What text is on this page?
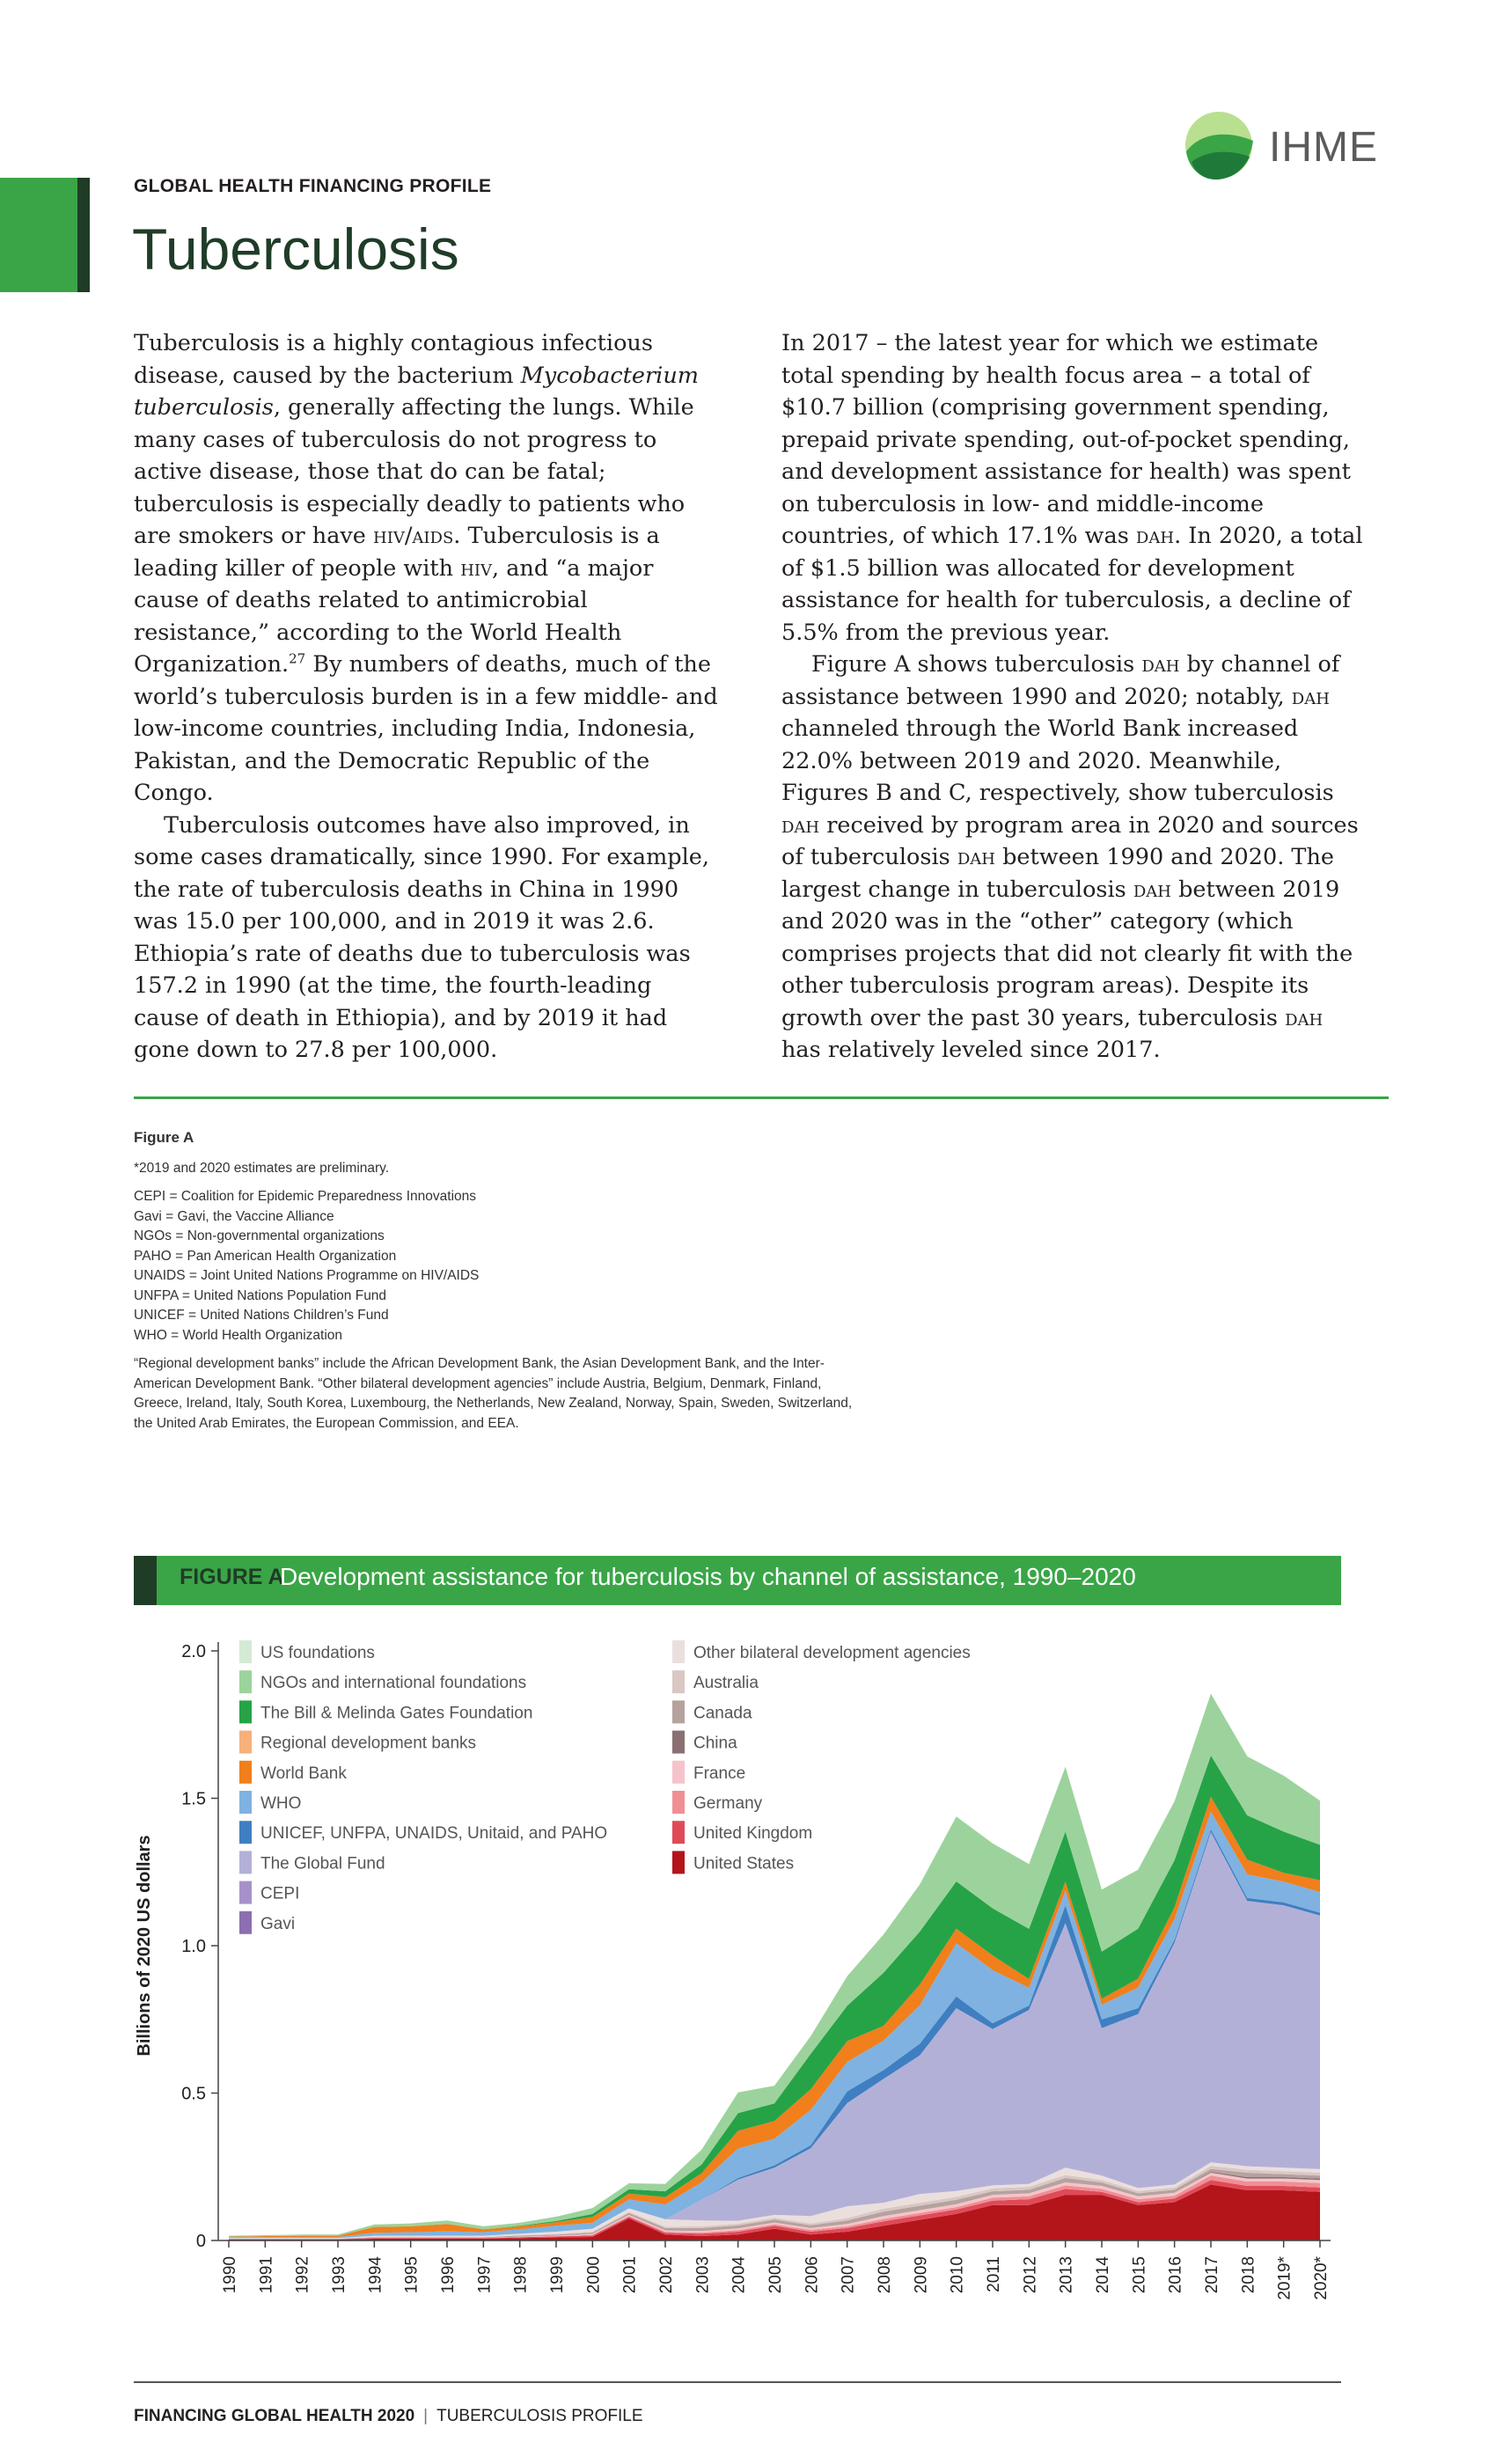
GLOBAL HEALTH FINANCING PROFILE
Tuberculosis
IHME

Tuberculosis is a highly contagious infectious disease, caused by the bacterium Mycobacterium tuberculosis, generally affecting the lungs. While many cases of tuberculosis do not progress to active disease, those that do can be fatal; tuberculosis is especially deadly to patients who are smokers or have hiv/aids. Tuberculosis is a leading killer of people with hiv, and “a major cause of deaths related to antimicrobial resistance,” according to the World Health Organization.$^{27}$ By numbers of deaths, much of the world’s tuberculosis burden is in a few middle- and low-income countries, including India, Indonesia, Pakistan, and the Democratic Republic of the Congo.

Tuberculosis outcomes have also improved, in some cases dramatically, since 1990. For example, the rate of tuberculosis deaths in China in 1990 was 15.0 per 100,000, and in 2019 it was 2.6. Ethiopia’s rate of deaths due to tuberculosis was 157.2 in 1990 (at the time, the fourth-leading cause of death in Ethiopia), and by 2019 it had gone down to 27.8 per 100,000.

In 2017 – the latest year for which we estimate total spending by health focus area – a total of $10.7 billion (comprising government spending, prepaid private spending, out-of-pocket spending, and development assistance for health) was spent on tuberculosis in low- and middle-income countries, of which 17.1% was dah. In 2020, a total of $1.5 billion was allocated for development assistance for health for tuberculosis, a decline of 5.5% from the previous year.

Figure A shows tuberculosis dah by channel of assistance between 1990 and 2020; notably, dah channeled through the World Bank increased 22.0% between 2019 and 2020. Meanwhile, Figures B and C, respectively, show tuberculosis dah received by program area in 2020 and sources of tuberculosis dah between 1990 and 2020. The largest change in tuberculosis dah between 2019 and 2020 was in the “other” category (which comprises projects that did not clearly fit with the other tuberculosis program areas). Despite its growth over the past 30 years, tuberculosis dah has relatively leveled since 2017.

Figure A
*2019 and 2020 estimates are preliminary.
CEPI = Coalition for Epidemic Preparedness Innovations
Gavi = Gavi, the Vaccine Alliance
NGOs = Non-governmental organizations
PAHO = Pan American Health Organization
UNAIDS = Joint United Nations Programme on HIV/AIDS
UNFPA = United Nations Population Fund
UNICEF = United Nations Children’s Fund
WHO = World Health Organization
“Regional development banks” include the African Development Bank, the Asian Development Bank, and the Inter-American Development Bank. “Other bilateral development agencies” include Austria, Belgium, Denmark, Finland, Greece, Ireland, Italy, South Korea, Luxembourg, the Netherlands, New Zealand, Norway, Spain, Sweden, Switzerland, the United Arab Emirates, the European Commission, and EEA.
FIGURE A
Development assistance for tuberculosis by channel of assistance, 1990–2020
0
0.5
1.0
1.5
2.0
Billions of 2020 US dollars
1990 1991 1992 1993 1994 1995 1996 1997 1998 1999 2000 2001 2002 2003 2004 2005 2006 2007 2008 2009 2010 2011 2012 2013 2014 2015 2016 2017 2018 2019* 2020*
US foundations
NGOs and international foundations
The Bill & Melinda Gates Foundation
Regional development banks
World Bank
WHO
UNICEF, UNFPA, UNAIDS, Unitaid, and PAHO
The Global Fund
CEPI
Gavi
Other bilateral development agencies
Australia
Canada
China
France
Germany
United Kingdom
United States
FINANCING GLOBAL HEALTH 2020 | TUBERCULOSIS PROFILE
